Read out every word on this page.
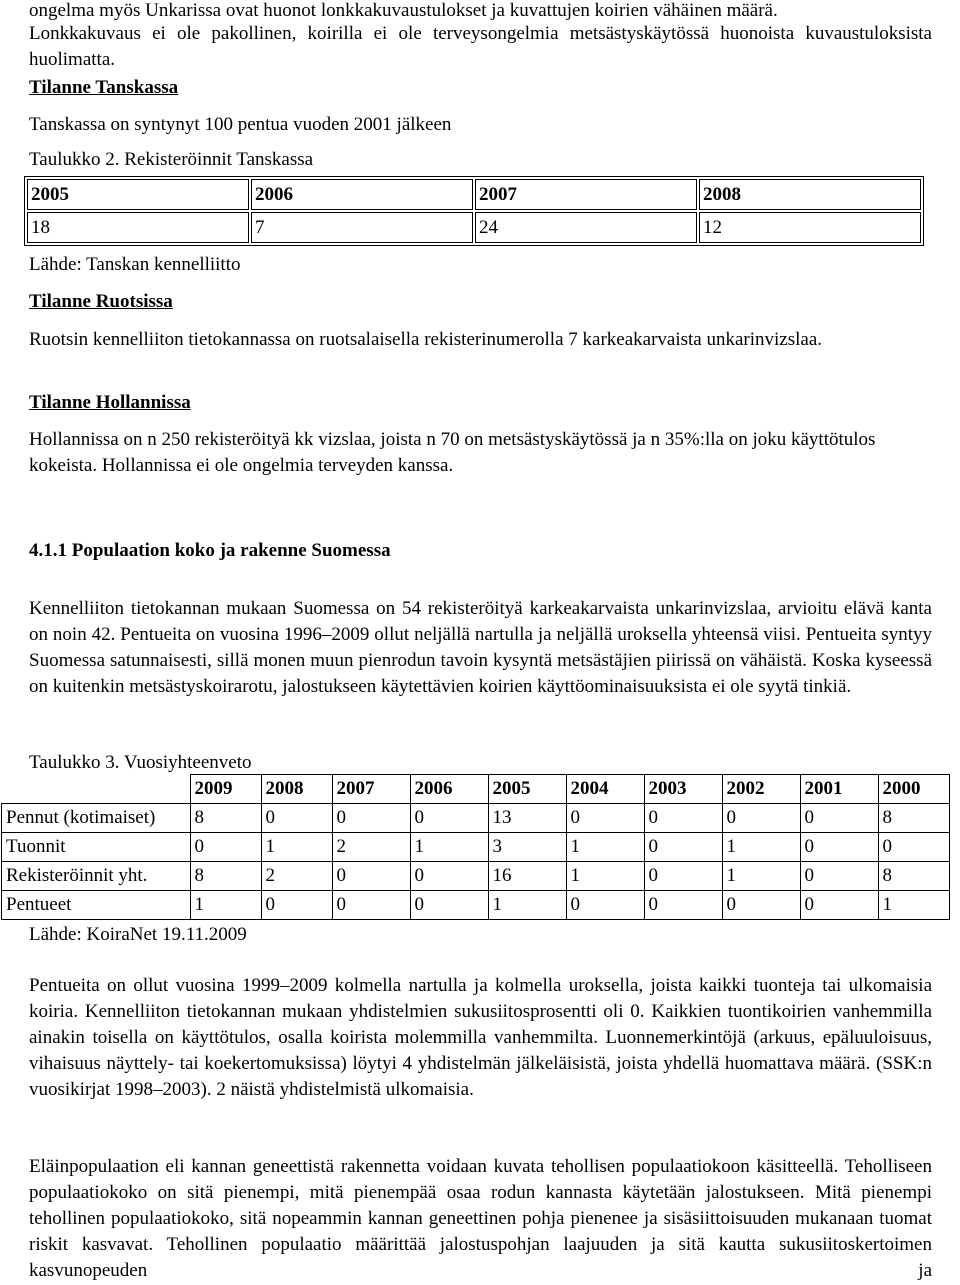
ongelma myös Unkarissa ovat huonot lonkkakuvaustulokset ja kuvattujen koirien vähäinen määrä.

Lonkkakuvaus ei ole pakollinen, koirilla ei ole terveysongelmia metsästyskäytössä huonoista kuvaustuloksista huolimatta.

Tilanne Tanskassa

Tanskassa on syntynyt 100 pentua vuoden 2001 jälkeen

Taulukko 2. Rekisteröinnit Tanskassa

2005	2006	2007	2008
18	7	24	12

Lähde: Tanskan kennelliitto

Tilanne Ruotsissa

Ruotsin kennelliiton tietokannassa on ruotsalaisella rekisterinumerolla 7 karkeakarvaista unkarinvizslaa.

Tilanne Hollannissa

Hollannissa on n 250 rekisteröityä kk vizslaa, joista n 70 on metsästyskäytössä ja n 35%:lla on joku käyttötulos kokeista. Hollannissa ei ole ongelmia terveyden kanssa.

4.1.1 Populaation koko ja rakenne Suomessa

Kennelliiton tietokannan mukaan Suomessa on 54 rekisteröityä karkeakarvaista unkarinvizslaa, arvioitu elävä kanta on noin 42. Pentueita on vuosina 1996–2009 ollut neljällä nartulla ja neljällä uroksella yhteensä viisi. Pentueita syntyy Suomessa satunnaisesti, sillä monen muun pienrodun tavoin kysyntä metsästäjien piirissä on vähäistä. Koska kyseessä on kuitenkin metsästyskoirarotu, jalostukseen käytettävien koirien käyttöominaisuuksista ei ole syytä tinkiä.

Taulukko 3. Vuosiyhteenveto

	2009	2008	2007	2006	2005	2004	2003	2002	2001	2000
Pennut (kotimaiset)	8	0	0	0	13	0	0	0	0	8
Tuonnit	0	1	2	1	3	1	0	1	0	0
Rekisteröinnit yht.	8	2	0	0	16	1	0	1	0	8
Pentueet	1	0	0	0	1	0	0	0	0	1

Lähde: KoiraNet 19.11.2009

Pentueita on ollut vuosina 1999–2009 kolmella nartulla ja kolmella uroksella, joista kaikki tuonteja tai ulkomaisia koiria. Kennelliiton tietokannan mukaan yhdistelmien sukusiitosprosentti oli 0. Kaikkien tuontikoirien vanhemmilla ainakin toisella on käyttötulos, osalla koirista molemmilla vanhemmilta. Luonnemerkintöjä (arkuus, epäluuloisuus, vihaisuus näyttely- tai koekertomuksissa) löytyi 4 yhdistelmän jälkeläisistä, joista yhdellä huomattava määrä. (SSK:n vuosikirjat 1998–2003). 2 näistä yhdistelmistä ulkomaisia.

Eläinpopulaation eli kannan geneettistä rakennetta voidaan kuvata tehollisen populaatiokoon käsitteellä. Teholliseen populaatiokoko on sitä pienempi, mitä pienempää osaa rodun kannasta käytetään jalostukseen. Mitä pienempi tehollinen populaatiokoko, sitä nopeammin kannan geneettinen pohja pienenee ja sisäsiittoisuuden mukanaan tuomat riskit kasvavat. Tehollinen populaatio määrittää jalostuspohjan laajuuden ja sitä kautta sukusiitoskertoimen kasvunopeuden ja
